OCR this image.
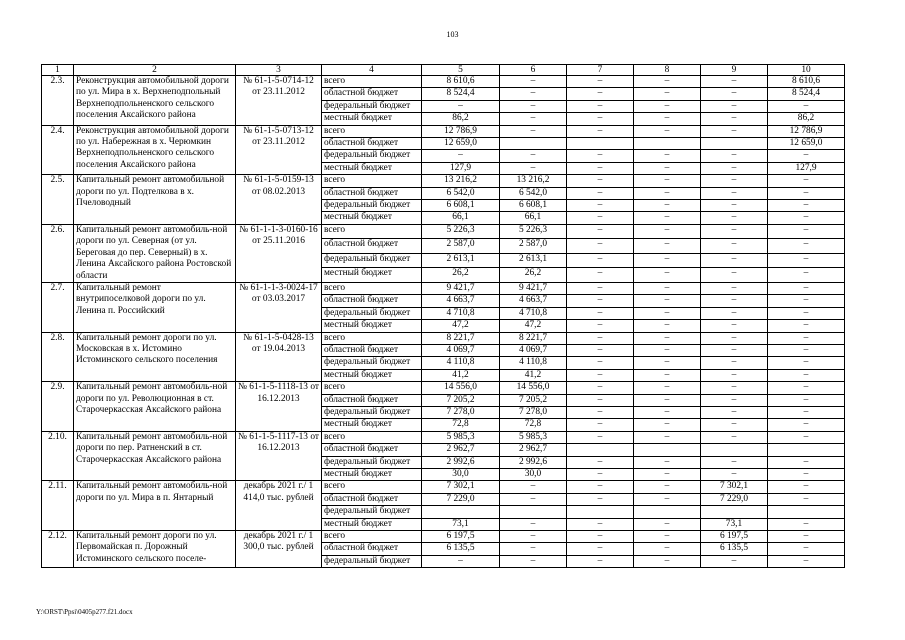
103
1	2	3	4	5	6	7	8	9	10
2.3.	Реконструкция автомобильной дороги по ул. Мира в х. Верхнеподпольный Верхнеподпольненского сельского поселения Аксайского района	№ 61-1-5-0714-12 от 23.11.2012	всего	8 610,6	–	–	–	–	8 610,6
			областной бюджет	8 524,4	–	–	–	–	8 524,4
			федеральный бюджет	–	–	–	–	–	–
			местный бюджет	86,2	–	–	–	–	86,2
2.4.	Реконструкция автомобильной дороги по ул. Набережная в х. Черюмкин Верхнеподпольненского сельского поселения Аксайского района	№ 61-1-5-0713-12 от 23.11.2012	всего	12 786,9	–	–	–	–	12 786,9
			областной бюджет	12 659,0					12 659,0
			федеральный бюджет	–	–	–	–	–	–
			местный бюджет	127,9	–	–	–	–	127,9
2.5.	Капитальный ремонт автомобильной дороги по ул. Подтелкова в х. Пчеловодный	№ 61-1-5-0159-13 от 08.02.2013	всего	13 216,2	13 216,2	–	–	–	–
			областной бюджет	6 542,0	6 542,0	–	–	–	–
			федеральный бюджет	6 608,1	6 608,1	–	–	–	–
			местный бюджет	66,1	66,1	–	–	–	–
2.6.	Капитальный ремонт автомобиль-ной дороги по ул. Северная (от ул. Береговая до пер. Северный) в х. Ленина Аксайского района Ростовской области	№ 61-1-1-3-0160-16 от 25.11.2016	всего	5 226,3	5 226,3	–	–	–	–
			областной бюджет	2 587,0	2 587,0	–	–	–	–
			федеральный бюджет	2 613,1	2 613,1	–	–	–	–
			местный бюджет	26,2	26,2	–	–	–	–
2.7.	Капитальный ремонт внутрипоселковой дороги по ул. Ленина п. Российский	№ 61-1-1-3-0024-17 от 03.03.2017	всего	9 421,7	9 421,7	–	–	–	–
			областной бюджет	4 663,7	4 663,7	–	–	–	–
			федеральный бюджет	4 710,8	4 710,8	–	–	–	–
			местный бюджет	47,2	47,2	–	–	–	–
2.8.	Капитальный ремонт дороги по ул. Московская в х. Истомино Истоминского сельского поселения	№ 61-1-5-0428-13 от 19.04.2013	всего	8 221,7	8 221,7	–	–	–	–
			областной бюджет	4 069,7	4 069,7	–	–	–	–
			федеральный бюджет	4 110,8	4 110,8	–	–	–	–
			местный бюджет	41,2	41,2	–	–	–	–
2.9.	Капитальный ремонт автомобиль-ной дороги по ул. Революционная в ст. Старочеркасская Аксайского района	№ 61-1-5-1118-13 от 16.12.2013	всего	14 556,0	14 556,0	–	–	–	–
			областной бюджет	7 205,2	7 205,2	–	–	–	–
			федеральный бюджет	7 278,0	7 278,0	–	–	–	–
			местный бюджет	72,8	72,8	–	–	–	–
2.10.	Капитальный ремонт автомобиль-ной дороги по пер. Ратненский в ст. Старочеркасская Аксайского района	№ 61-1-5-1117-13 от 16.12.2013	всего	5 985,3	5 985,3	–	–	–	–
			областной бюджет	2 962,7	2 962,7				
			федеральный бюджет	2 992,6	2 992,6	–	–	–	–
			местный бюджет	30,0	30,0	–	–	–	–
2.11.	Капитальный ремонт автомобиль-ной дороги по ул. Мира в п. Янтарный	декабрь 2021 г./ 1 414,0 тыс. рублей	всего	7 302,1	–	–	–	7 302,1	–
			областной бюджет	7 229,0	–	–	–	7 229,0	–
			федеральный бюджет						
			местный бюджет	73,1	–	–	–	73,1	–
2.12.	Капитальный ремонт дороги по ул. Первомайская п. Дорожный Истоминского сельского поселе-	декабрь 2021 г./ 1 300,0 тыс. рублей	всего	6 197,5	–	–	–	6 197,5	–
			областной бюджет	6 135,5	–	–	–	6 135,5	–
			федеральный бюджет	–	–	–	–	–	–
Y:\ORST\Ppsi\0405p277.f21.docx
